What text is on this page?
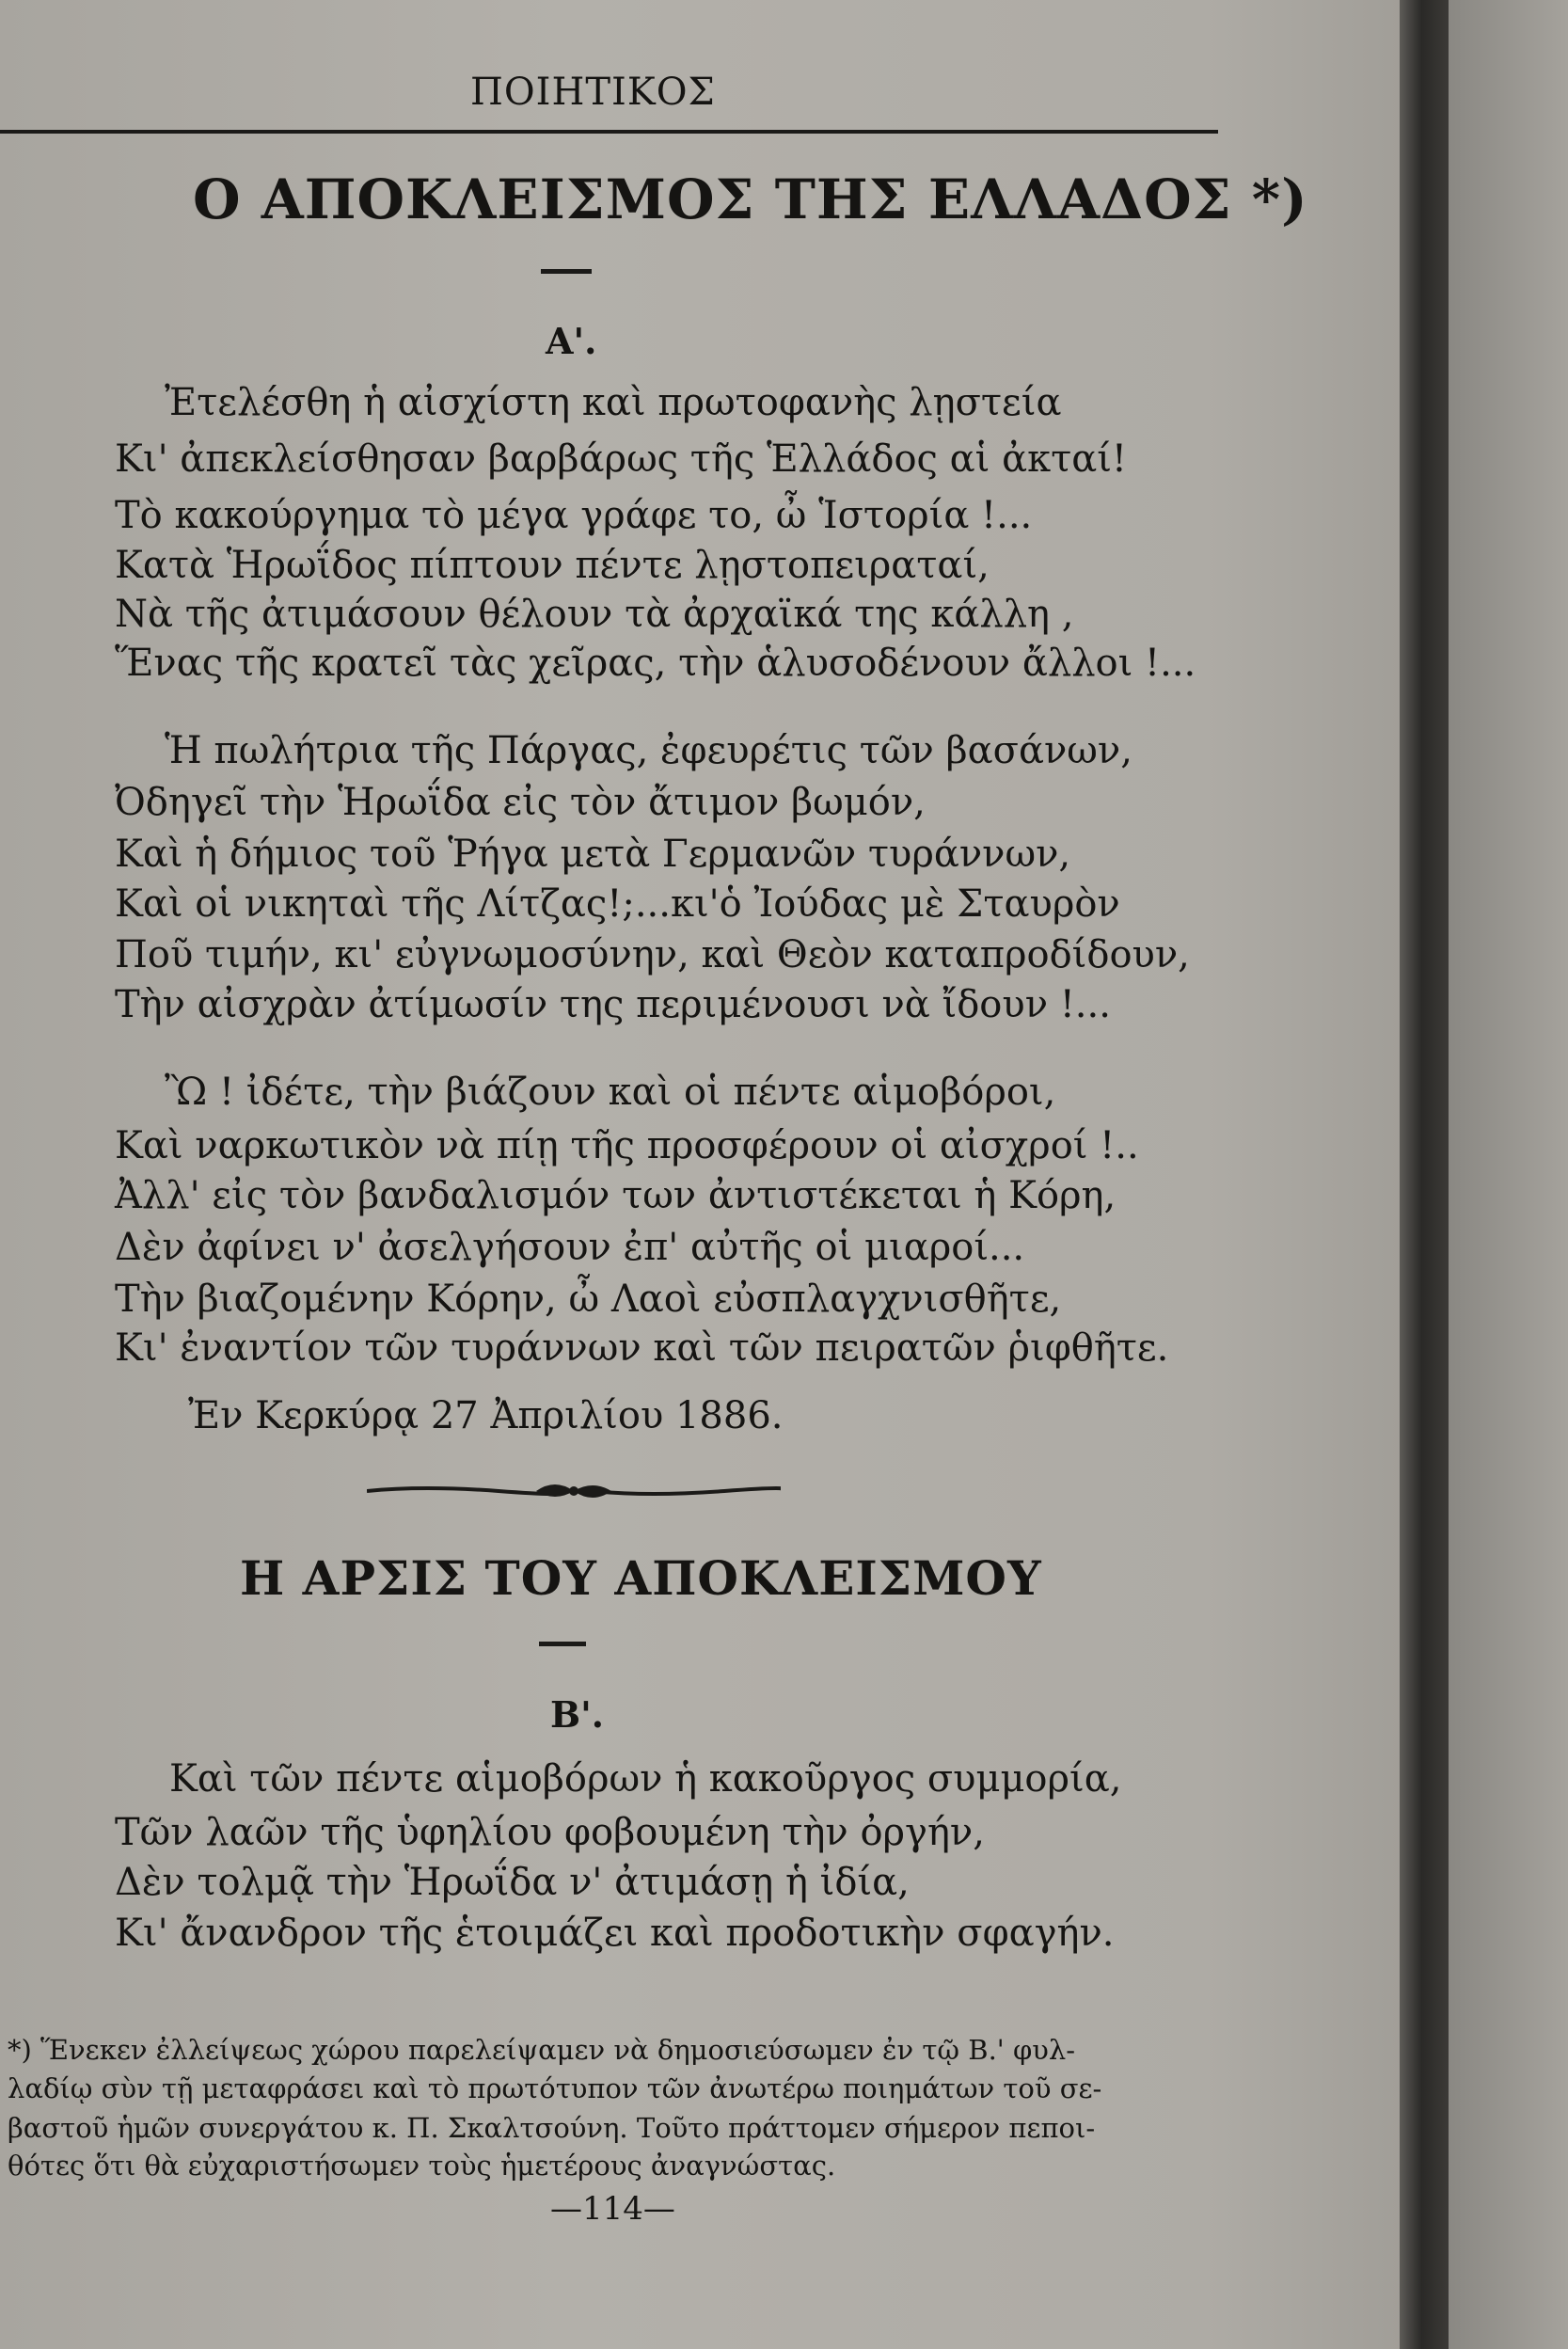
ΠΟΙΗΤΙΚΟΣ
Ο ΑΠΟΚΛΕΙΣΜΟΣ ΤΗΣ ΕΛΛΑΔΟΣ *)
Α'.
Ἐτελέσθη ἡ αἰσχίστη καὶ πρωτοφανὴς λῃστεία
Κι' ἀπεκλείσθησαν βαρβάρως τῆς Ἑλλάδος αἱ ἀκταί!
Τὸ κακούργημα τὸ μέγα γράφε το, ὦ Ἱστορία !...
Κατὰ Ἡρωΐδος πίπτουν πέντε λῃστοπειραταί,
Νὰ τῆς ἀτιμάσουν θέλουν τὰ ἀρχαϊκά της κάλλη ,
Ἕνας τῆς κρατεῖ τὰς χεῖρας, τὴν ἁλυσοδένουν ἄλλοι !...
Ἡ πωλήτρια τῆς Πάργας, ἐφευρέτις τῶν βασάνων,
Ὀδηγεῖ τὴν Ἡρωΐδα εἰς τὸν ἄτιμον βωμόν,
Καὶ ἡ δήμιος τοῦ Ῥήγα μετὰ Γερμανῶν τυράννων,
Καὶ οἱ νικηταὶ τῆς Λίτζας!;...κι'ὁ Ἰούδας μὲ Σταυρὸν
Ποῦ τιμήν, κι' εὐγνωμοσύνην, καὶ Θεὸν καταπροδίδουν,
Τὴν αἰσχρὰν ἀτίμωσίν της περιμένουσι νὰ ἴδουν !...
Ὢ ! ἰδέτε, τὴν βιάζουν καὶ οἱ πέντε αἱμοβόροι,
Καὶ ναρκωτικὸν νὰ πίῃ τῆς προσφέρουν οἱ αἰσχροί !..
Ἀλλ' εἰς τὸν βανδαλισμόν των ἀντιστέκεται ἡ Κόρη,
Δὲν ἀφίνει ν' ἀσελγήσουν ἐπ' αὐτῆς οἱ μιαροί...
Τὴν βιαζομένην Κόρην, ὦ Λαοὶ εὐσπλαγχνισθῆτε,
Κι' ἐναντίον τῶν τυράννων καὶ τῶν πειρατῶν ῥιφθῆτε.
Ἐν Κερκύρᾳ 27 Ἀπριλίου 1886.
Η ΑΡΣΙΣ ΤΟΥ ΑΠΟΚΛΕΙΣΜΟΥ
Β'.
Καὶ τῶν πέντε αἱμοβόρων ἡ κακοῦργος συμμορία,
Τῶν λαῶν τῆς ὑφηλίου φοβουμένη τὴν ὀργήν,
Δὲν τολμᾷ τὴν Ἡρωΐδα ν' ἀτιμάσῃ ἡ ἰδία,
Κι' ἄνανδρον τῆς ἑτοιμάζει καὶ προδοτικὴν σφαγήν.
*) Ἕνεκεν ἐλλείψεως χώρου παρελείψαμεν νὰ δημοσιεύσωμεν ἐν τῷ Β.' φυλ-
λαδίῳ σὺν τῇ μεταφράσει καὶ τὸ πρωτότυπον τῶν ἀνωτέρω ποιημάτων τοῦ σε-
βαστοῦ ἡμῶν συνεργάτου κ. Π. Σκαλτσούνη. Τοῦτο πράττομεν σήμερον πεποι-
θότες ὅτι θὰ εὐχαριστήσωμεν τοὺς ἡμετέρους ἀναγνώστας.
—114—
